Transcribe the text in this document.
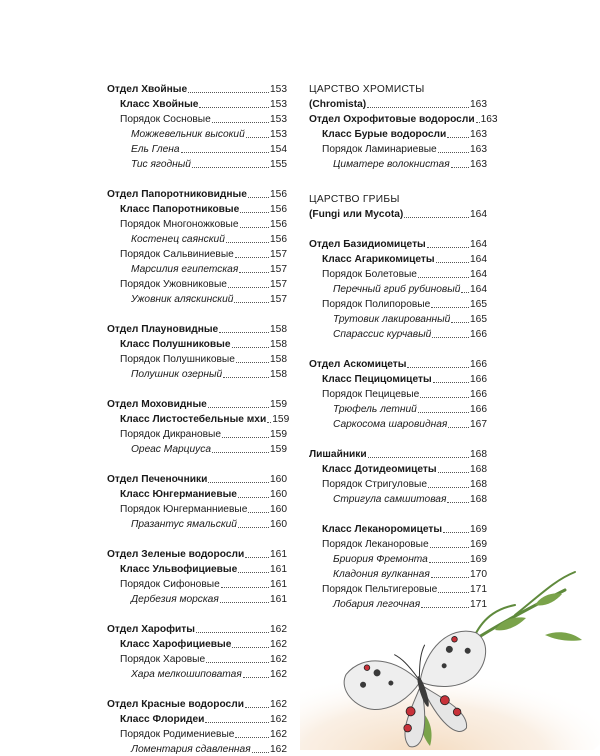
Отдел Хвойные	153
Класс Хвойные	153
Порядок Сосновые	153
Можжевельник высокий 153
Ель Глена	154
Тис ягодный	155
Отдел Папоротниковидные 156
Класс Папоротниковые	156
Порядок Многоножковые	156
Костенец саянский	156
Порядок Сальвиниевые	157
Марсилия египетская	157
Порядок Ужовниковые	157
Ужовник аляскинский	157
Отдел Плауновидные	158
Класс Полушниковые	158
Порядок Полушниковые	158
Полушник озерный	158
Отдел Моховидные	159
Класс Листостебельные мхи 159
Порядок Дикрановые	159
Ореас Марциуса	159
Отдел Печеночники	160
Класс Юнгерманиевые	160
Порядок Юнгерманниевые 160
Празантус ямальский	160
Отдел Зеленые водоросли	161
Класс Ульвофициевые	161
Порядок Сифоновые	161
Дербезия морская	161
Отдел Харофиты	162
Класс Харофициевые	162
Порядок Харовые	162
Хара мелкошиповатая	162
Отдел Красные водоросли	162
Класс Флоридеи	162
Порядок Родимениевые	162
Ломентария сдавленная 162
ЦАРСТВО ХРОМИСТЫ
(Chromista)	163
Отдел Охрофитовые водоросли 163
Класс Бурые водоросли 163
Порядок Ламинариевые	163
Циматере волокнистая 163
ЦАРСТВО ГРИБЫ
(Fungi или Mycota)	164
Отдел Базидиомицеты	164
Класс Агарикомицеты	164
Порядок Болетовые	164
Перечный гриб рубиновый 164
Порядок Полипоровые	165
Трутовик лакированный 165
Спарассис курчавый	166
Отдел Аскомицеты	166
Класс Пецицомицеты	166
Порядок Пецицевые	166
Трюфель летний	166
Саркосома шаровидная 167
Лишайники	168
Класс Дотидеомицеты	168
Порядок Стригуловые	168
Стригула самшитовая 168
Класс Леканоромицеты	169
Порядок Леканоровые	169
Бриория Фремонта	169
Кладония вулканная	170
Порядок Пельтигеровые	171
Лобария легочная	171
